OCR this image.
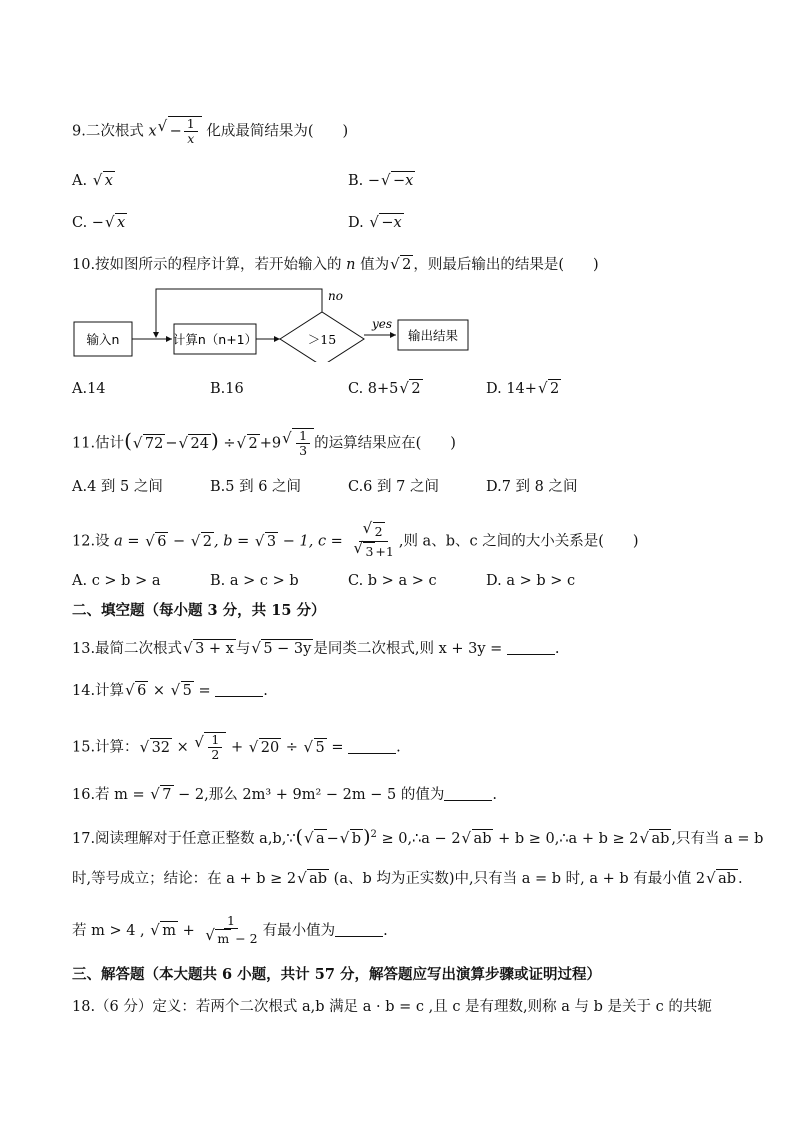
9.二次根式 $x√ - \frac{1}{x}$ 化成最简结果为(　　)
A. √ x	B. −√ −x
C. −√ x	D. √ −x
10.按如图所示的程序计算，若开始输入的 n 值为√ 2 ，则最后输出的结果是(　　)
输入n	计算n（n+1）	＞15	输出结果
no
yes
A.14	B.16	C. 8+5√ 2	D. 14+√ 2
11.估计(√ 72 −√ 24 ) ÷√ 2 +9
√ $\frac{1}{3}$ 的运算结果应在(　　)
A.4 到 5 之间	B.5 到 6 之间	C.6 到 7 之间	D.7 到 8 之间
12.设 a = √ 6 − √ 2 , b = √ 3 − 1, c =
√ 2
√ 3 +1 ,则 a、b、c 之间的大小关系是(　　)
A. c > b > a	B. a > c > b	C. b > a > c	D. a > b > c
二、填空题（每小题 3 分，共 15 分）
13.最简二次根式√ 3 + x 与√ 5 − 3y 是同类二次根式,则 x + 3y =	.
14.计算√ 6 × √ 5 =	.
15.计算：√ 32 ×
√ $\frac{1}{2}$ + √ 20 ÷ √ 5 =	.
16.若 m = √ 7 − 2,那么 2m³ + 9m² − 2m − 5 的值为	.
17.阅读理解对于任意正整数 a,b,∵(√ a −√ b )$^2$ ≥ 0,∴a − 2√ ab + b ≥ 0,∴a + b ≥ 2√ ab ,只有当 a = b
时,等号成立；结论：在 a + b ≥ 2√ ab (a、b 均为正实数)中,只有当 a = b 时, a + b 有最小值 2√ ab .
若 m > 4 , √ m + 1
√ m − 2 有最小值为	.
三、解答题（本大题共 6 小题，共计 57 分，解答题应写出演算步骤或证明过程）
18.（6 分）定义：若两个二次根式 a,b 满足 a · b = c ,且 c 是有理数,则称 a 与 b 是关于 c 的共轭
